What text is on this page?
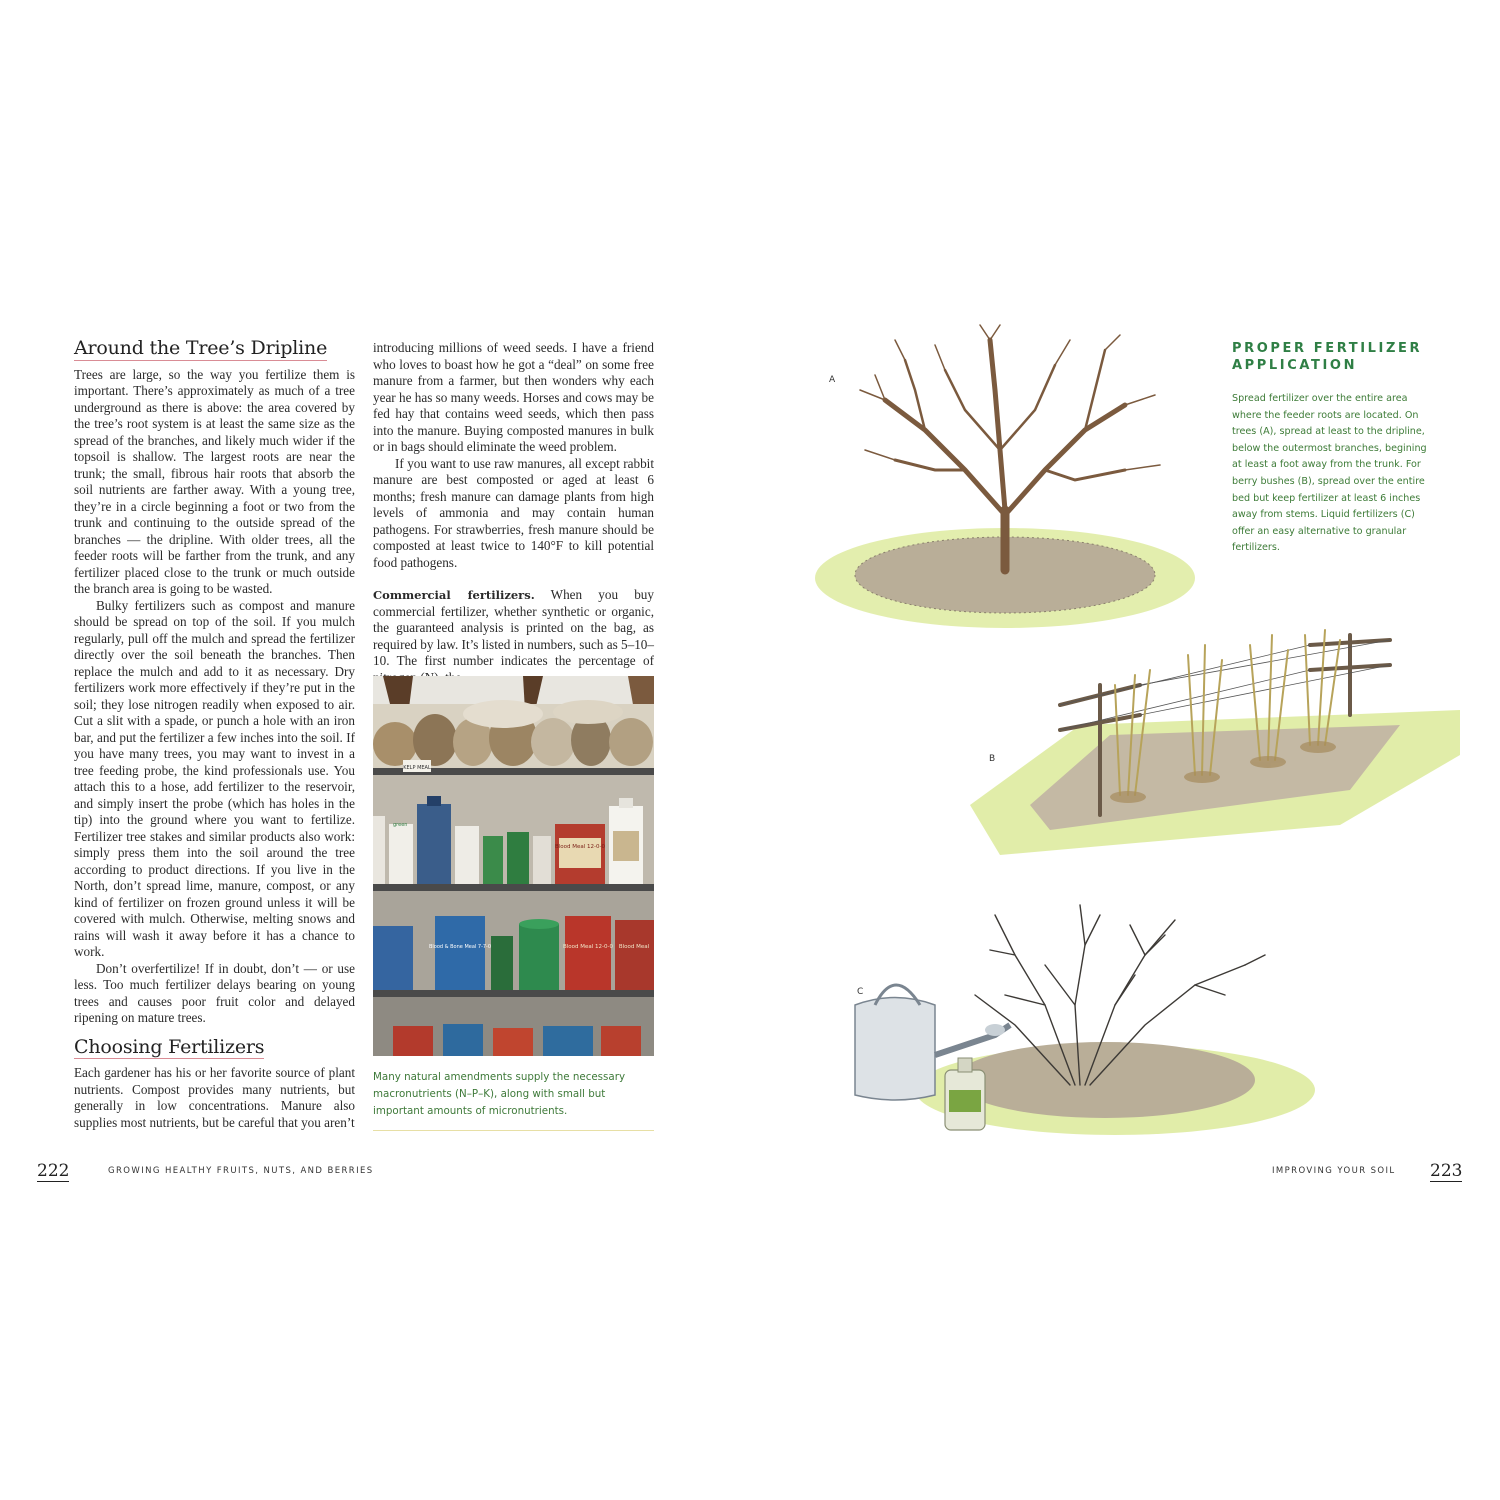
Around the Tree’s Dripline

Trees are large, so the way you fertilize them is important. There’s approximately as much of a tree underground as there is above: the area covered by the tree’s root system is at least the same size as the spread of the branches, and likely much wider if the topsoil is shallow. The largest roots are near the trunk; the small, fibrous hair roots that absorb the soil nutrients are farther away. With a young tree, they’re in a circle beginning a foot or two from the trunk and continuing to the outside spread of the branches — the dripline. With older trees, all the feeder roots will be farther from the trunk, and any fertilizer placed close to the trunk or much outside the branch area is going to be wasted.

Bulky fertilizers such as compost and manure should be spread on top of the soil. If you mulch regularly, pull off the mulch and spread the fertilizer directly over the soil beneath the branches. Then replace the mulch and add to it as necessary. Dry fertilizers work more effectively if they’re put in the soil; they lose nitrogen readily when exposed to air. Cut a slit with a spade, or punch a hole with an iron bar, and put the fertilizer a few inches into the soil. If you have many trees, you may want to invest in a tree feeding probe, the kind professionals use. You attach this to a hose, add fertilizer to the reservoir, and simply insert the probe (which has holes in the tip) into the ground where you want to fertilize. Fertilizer tree stakes and similar products also work: simply press them into the soil around the tree according to product directions. If you live in the North, don’t spread lime, manure, compost, or any kind of fertilizer on frozen ground unless it will be covered with mulch. Otherwise, melting snows and rains will wash it away before it has a chance to work.

Don’t overfertilize! If in doubt, don’t — or use less. Too much fertilizer delays bearing on young trees and causes poor fruit color and delayed ripening on mature trees.

Choosing Fertilizers

Each gardener has his or her favorite source of plant nutrients. Compost provides many nutrients, but generally in low concentrations. Manure also supplies most nutrients, but be careful that you aren’t

introducing millions of weed seeds. I have a friend who loves to boast how he got a “deal” on some free manure from a farmer, but then wonders why each year he has so many weeds. Horses and cows may be fed hay that contains weed seeds, which then pass into the manure. Buying composted manures in bulk or in bags should eliminate the weed problem.

If you want to use raw manures, all except rabbit manure are best composted or aged at least 6 months; fresh manure can damage plants from high levels of ammonia and may contain human pathogens. For strawberries, fresh manure should be composted at least twice to 140°F to kill potential food pathogens.

Commercial fertilizers. When you buy commercial fertilizer, whether synthetic or organic, the guaranteed analysis is printed on the bag, as required by law. It’s listed in numbers, such as 5–10–10. The first number indicates the percentage of

KELP MEAL
Blood Meal 12-0-0
Blood & Bone Meal 7-7-0	Blood Meal 12-0-0 Blood Meal
green
Many natural amendments supply the necessary macronutrients (N–P–K), along with small but important amounts of micronutrients.
222	GROWING HEALTHY FRUITS, NUTS, AND BERRIES	IMPROVING YOUR SOIL 223
PROPER FERTILIZER APPLICATION
Spread fertilizer over the entire area where the feeder roots are located. On trees (A), spread at least to the dripline, below the outermost branches, begining at least a foot away from the trunk. For berry bushes (B), spread over the entire bed but keep fertilizer at least 6 inches away from stems. Liquid fertilizers (C) offer an easy alternative to granular fertilizers.
A
B
C
